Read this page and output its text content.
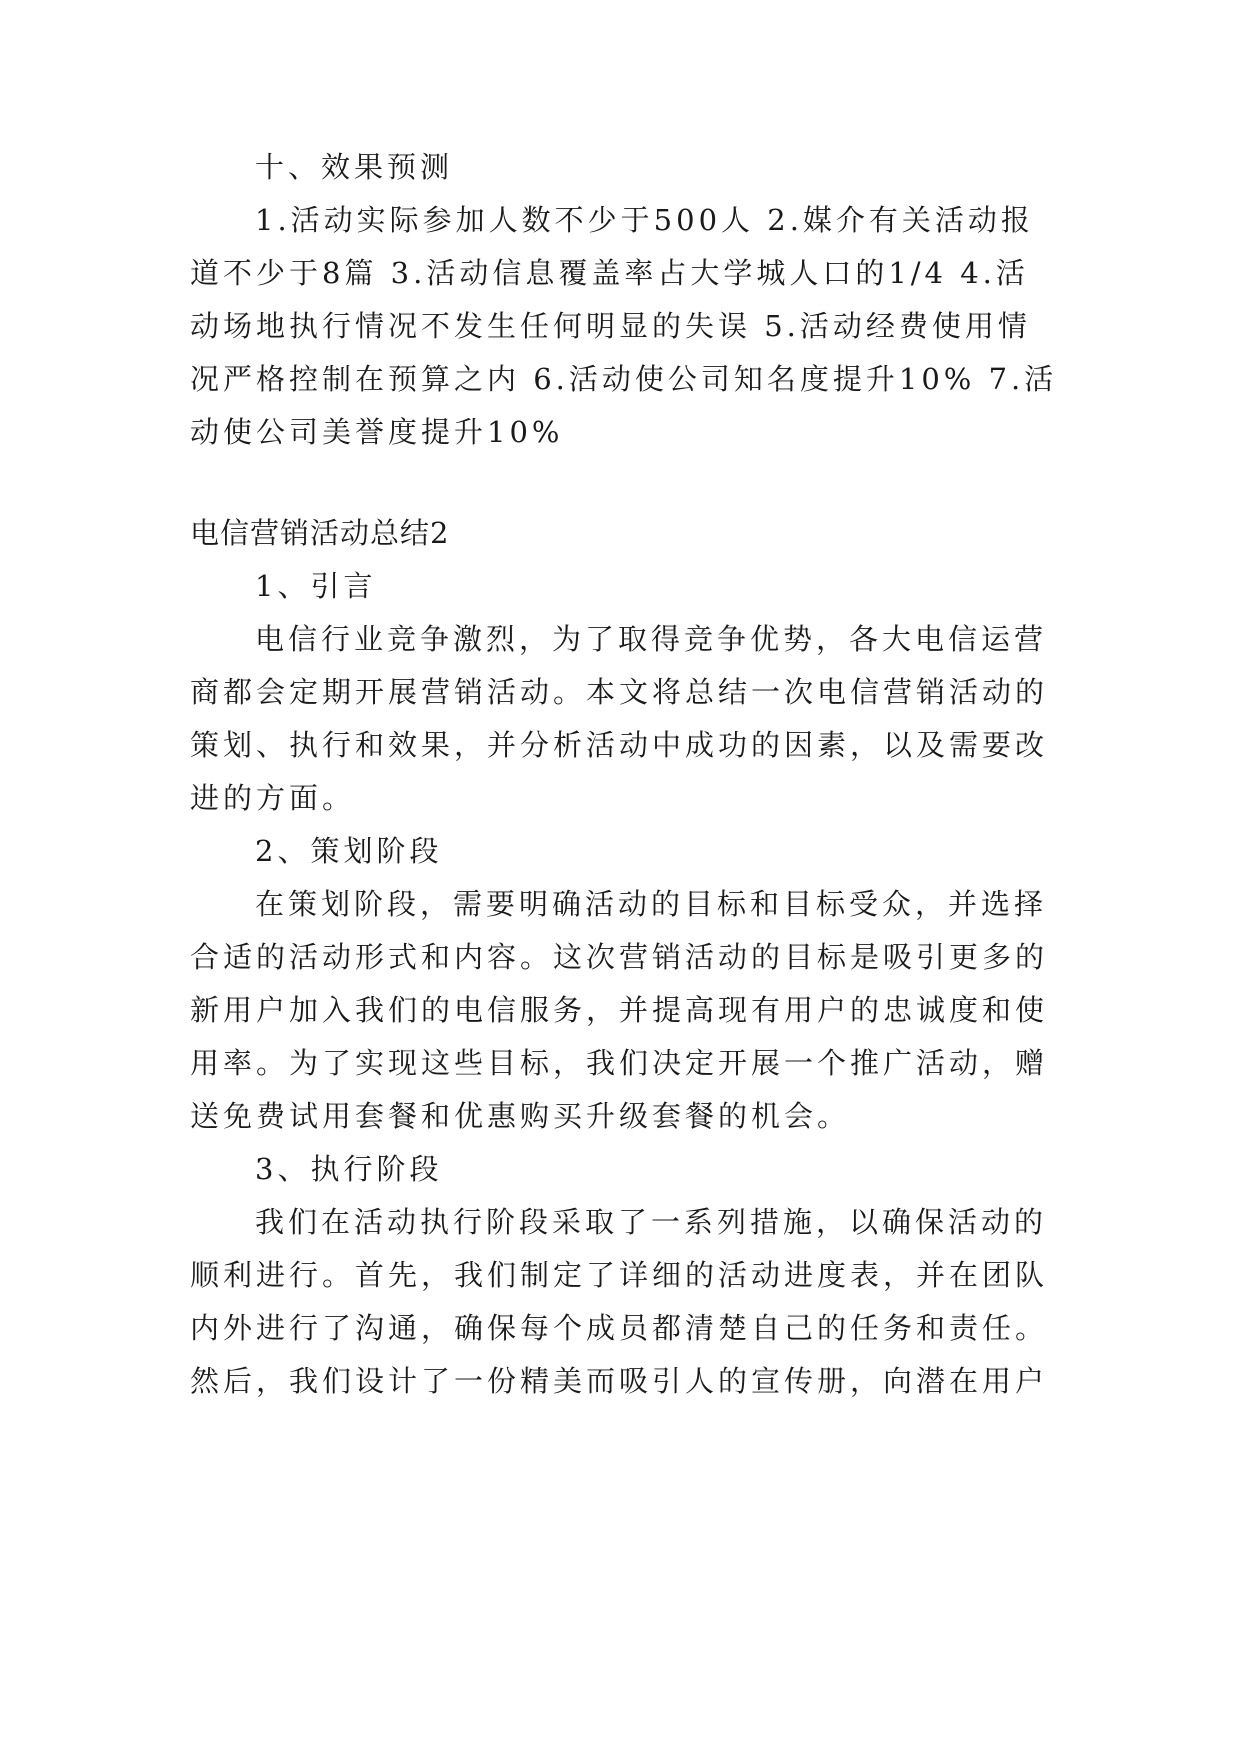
十、效果预测
1.活动实际参加人数不少于500人 2.媒介有关活动报
道不少于8篇 3.活动信息覆盖率占大学城人口的1/4 4.活
动场地执行情况不发生任何明显的失误 5.活动经费使用情
况严格控制在预算之内 6.活动使公司知名度提升10% 7.活
动使公司美誉度提升10%
电信营销活动总结2
1、引言
电信行业竞争激烈，为了取得竞争优势，各大电信运营
商都会定期开展营销活动。本文将总结一次电信营销活动的
策划、执行和效果，并分析活动中成功的因素，以及需要改
进的方面。
2、策划阶段
在策划阶段，需要明确活动的目标和目标受众，并选择
合适的活动形式和内容。这次营销活动的目标是吸引更多的
新用户加入我们的电信服务，并提高现有用户的忠诚度和使
用率。为了实现这些目标，我们决定开展一个推广活动，赠
送免费试用套餐和优惠购买升级套餐的机会。
3、执行阶段
我们在活动执行阶段采取了一系列措施，以确保活动的
顺利进行。首先，我们制定了详细的活动进度表，并在团队
内外进行了沟通，确保每个成员都清楚自己的任务和责任。
然后，我们设计了一份精美而吸引人的宣传册，向潜在用户
